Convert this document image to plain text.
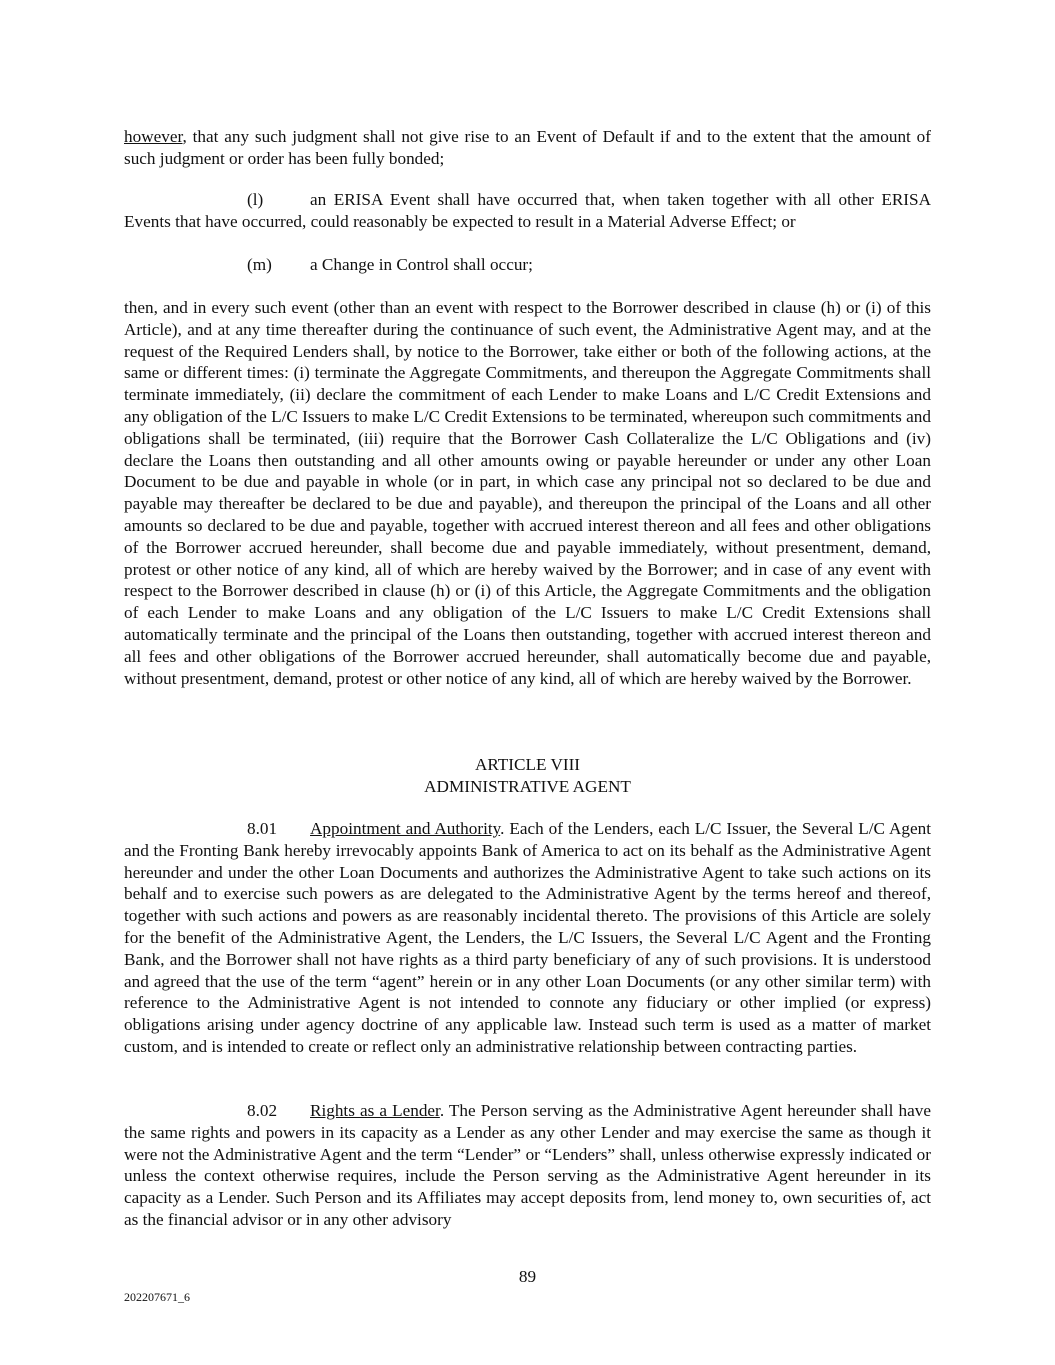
however, that any such judgment shall not give rise to an Event of Default if and to the extent that the amount of such judgment or order has been fully bonded;

(l)	an ERISA Event shall have occurred that, when taken together with all other ERISA Events that have occurred, could reasonably be expected to result in a Material Adverse Effect; or

(m) a Change in Control shall occur;

then, and in every such event (other than an event with respect to the Borrower described in clause (h) or (i) of this Article), and at any time thereafter during the continuance of such event, the Administrative Agent may, and at the request of the Required Lenders shall, by notice to the Borrower, take either or both of the following actions, at the same or different times: (i) terminate the Aggregate Commitments, and thereupon the Aggregate Commitments shall terminate immediately, (ii) declare the commitment of each Lender to make Loans and L/C Credit Extensions and any obligation of the L/C Issuers to make L/C Credit Extensions to be terminated, whereupon such commitments and obligations shall be terminated, (iii) require that the Borrower Cash Collateralize the L/C Obligations and (iv) declare the Loans then outstanding and all other amounts owing or payable hereunder or under any other Loan Document to be due and payable in whole (or in part, in which case any principal not so declared to be due and payable may thereafter be declared to be due and payable), and thereupon the principal of the Loans and all other amounts so declared to be due and payable, together with accrued interest thereon and all fees and other obligations of the Borrower accrued hereunder, shall become due and payable immediately, without presentment, demand, protest or other notice of any kind, all of which are hereby waived by the Borrower; and in case of any event with respect to the Borrower described in clause (h) or (i) of this Article, the Aggregate Commitments and the obligation of each Lender to make Loans and any obligation of the L/C Issuers to make L/C Credit Extensions shall automatically terminate and the principal of the Loans then outstanding, together with accrued interest thereon and all fees and other obligations of the Borrower accrued hereunder, shall automatically become due and payable, without presentment, demand, protest or other notice of any kind, all of which are hereby waived by the Borrower.

ARTICLE VIII

ADMINISTRATIVE AGENT

8.01 Appointment and Authority. Each of the Lenders, each L/C Issuer, the Several L/C Agent and the Fronting Bank hereby irrevocably appoints Bank of America to act on its behalf as the Administrative Agent hereunder and under the other Loan Documents and authorizes the Administrative Agent to take such actions on its behalf and to exercise such powers as are delegated to the Administrative Agent by the terms hereof and thereof, together with such actions and powers as are reasonably incidental thereto. The provisions of this Article are solely for the benefit of the Administrative Agent, the Lenders, the L/C Issuers, the Several L/C Agent and the Fronting Bank, and the Borrower shall not have rights as a third party beneficiary of any of such provisions. It is understood and agreed that the use of the term “agent” herein or in any other Loan Documents (or any other similar term) with reference to the Administrative Agent is not intended to connote any fiduciary or other implied (or express) obligations arising under agency doctrine of any applicable law. Instead such term is used as a matter of market custom, and is intended to create or reflect only an administrative relationship between contracting parties.

8.02 Rights as a Lender. The Person serving as the Administrative Agent hereunder shall have the same rights and powers in its capacity as a Lender as any other Lender and may exercise the same as though it were not the Administrative Agent and the term “Lender” or “Lenders” shall, unless otherwise expressly indicated or unless the context otherwise requires, include the Person serving as the Administrative Agent hereunder in its capacity as a Lender. Such Person and its Affiliates may accept deposits from, lend money to, own securities of, act as the financial advisor or in any other advisory

89
202207671_6
